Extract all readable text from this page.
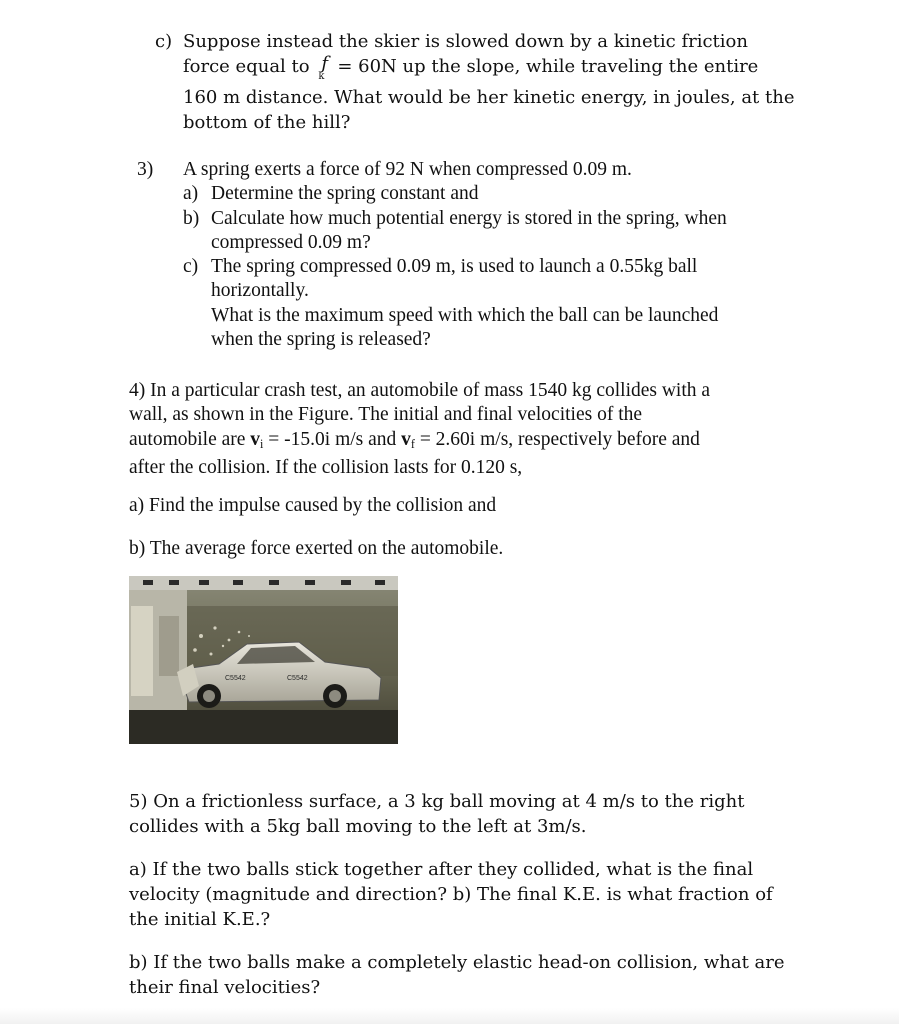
c) Suppose instead the skier is slowed down by a kinetic friction
force equal to f
k = 60N up the slope, while traveling the entire
160 m distance. What would be her kinetic energy, in joules, at the
bottom of the hill?
3) A spring exerts a force of 92 N when compressed 0.09 m.
a) Determine the spring constant and
b) Calculate how much potential energy is stored in the spring, when
compressed 0.09 m?
c) The spring compressed 0.09 m, is used to launch a 0.55kg ball
horizontally.
What is the maximum speed with which the ball can be launched
when the spring is released?
4) In a particular crash test, an automobile of mass 1540 kg collides with a
wall, as shown in the Figure. The initial and final velocities of the
automobile are $v_i = -15.0i$ m/s and $v_f = 2.60i$ m/s, respectively before and
after the collision. If the collision lasts for 0.120 s,
a) Find the impulse caused by the collision and
b) The average force exerted on the automobile.
C5542	C5542
5) On a frictionless surface, a 3 kg ball moving at 4 m/s to the right
collides with a 5kg ball moving to the left at 3m/s.
a) If the two balls stick together after they collided, what is the final
velocity (magnitude and direction? b) The final K.E. is what fraction of
the initial K.E.?
b) If the two balls make a completely elastic head-on collision, what are
their final velocities?
